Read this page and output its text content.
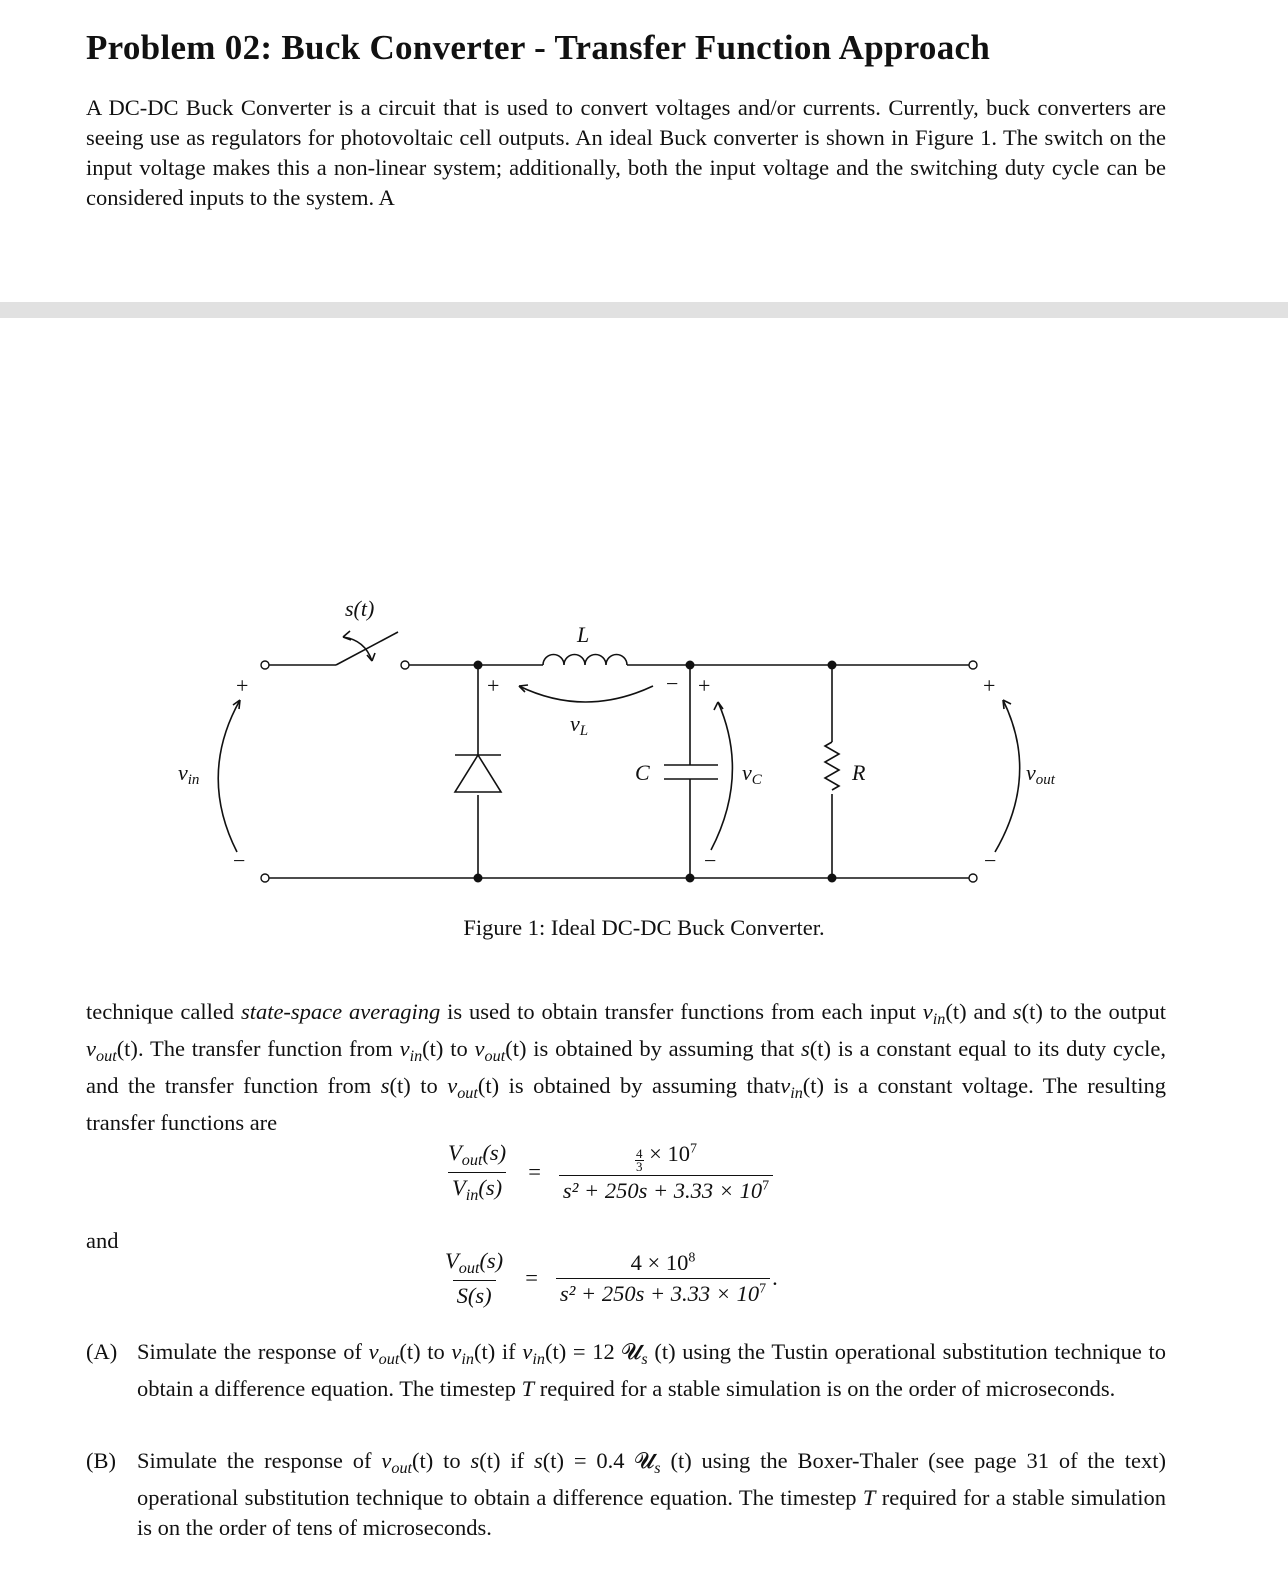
Problem 02: Buck Converter - Transfer Function Approach

A DC-DC Buck Converter is a circuit that is used to convert voltages and/or currents. Currently, buck converters are seeing use as regulators for photovoltaic cell outputs. An ideal Buck converter is shown in Figure 1. The switch on the input voltage makes this a non-linear system; additionally, both the input voltage and the switching duty cycle can be considered inputs to the system. A

s(t)
L
vL
C	vC	R
vin	vout
+	+	− +	+
−	−	−
Figure 1: Ideal DC-DC Buck Converter.

technique called state-space averaging is used to obtain transfer functions from each input $v_{in}(t)$ and s(t) to the output $v_{out}(t)$. The transfer function from $v_{in}(t)$ to $v_{out}(t)$ is obtained by assuming that s(t) is a constant equal to its duty cycle, and the transfer function from s(t) to $v_{out}(t)$ is obtained by assuming thatv$_{in}$(t) is a constant voltage. The resulting transfer functions are

$\frac{V_{out}(s)}{V_{in}(s)} = \frac{\frac{4}{3} \times 10^7}{s^2 + 250s + 3.33 \times 10^7}$
and
$\frac{V_{out}(s)}{S(s)} = \frac{4 \times 10^8}{s^2 + 250s + 3.33 \times 10^7}$ .
(A) Simulate the response of $v_{out}(t)$ to $v_{in}(t)$ if $v_{in}(t) = 12$ 𝓤$_s$ (t) using the Tustin operational substitution technique to obtain a difference equation. The timestep T required for a stable simulation is on the order of microseconds.
(B) Simulate the response of $v_{out}(t)$ to s(t) if s(t) = 0.4 𝓤$_s$ (t) using the Boxer-Thaler (see page 31 of the text) operational substitution technique to obtain a difference equation. The timestep T required for a stable simulation is on the order of tens of microseconds.
